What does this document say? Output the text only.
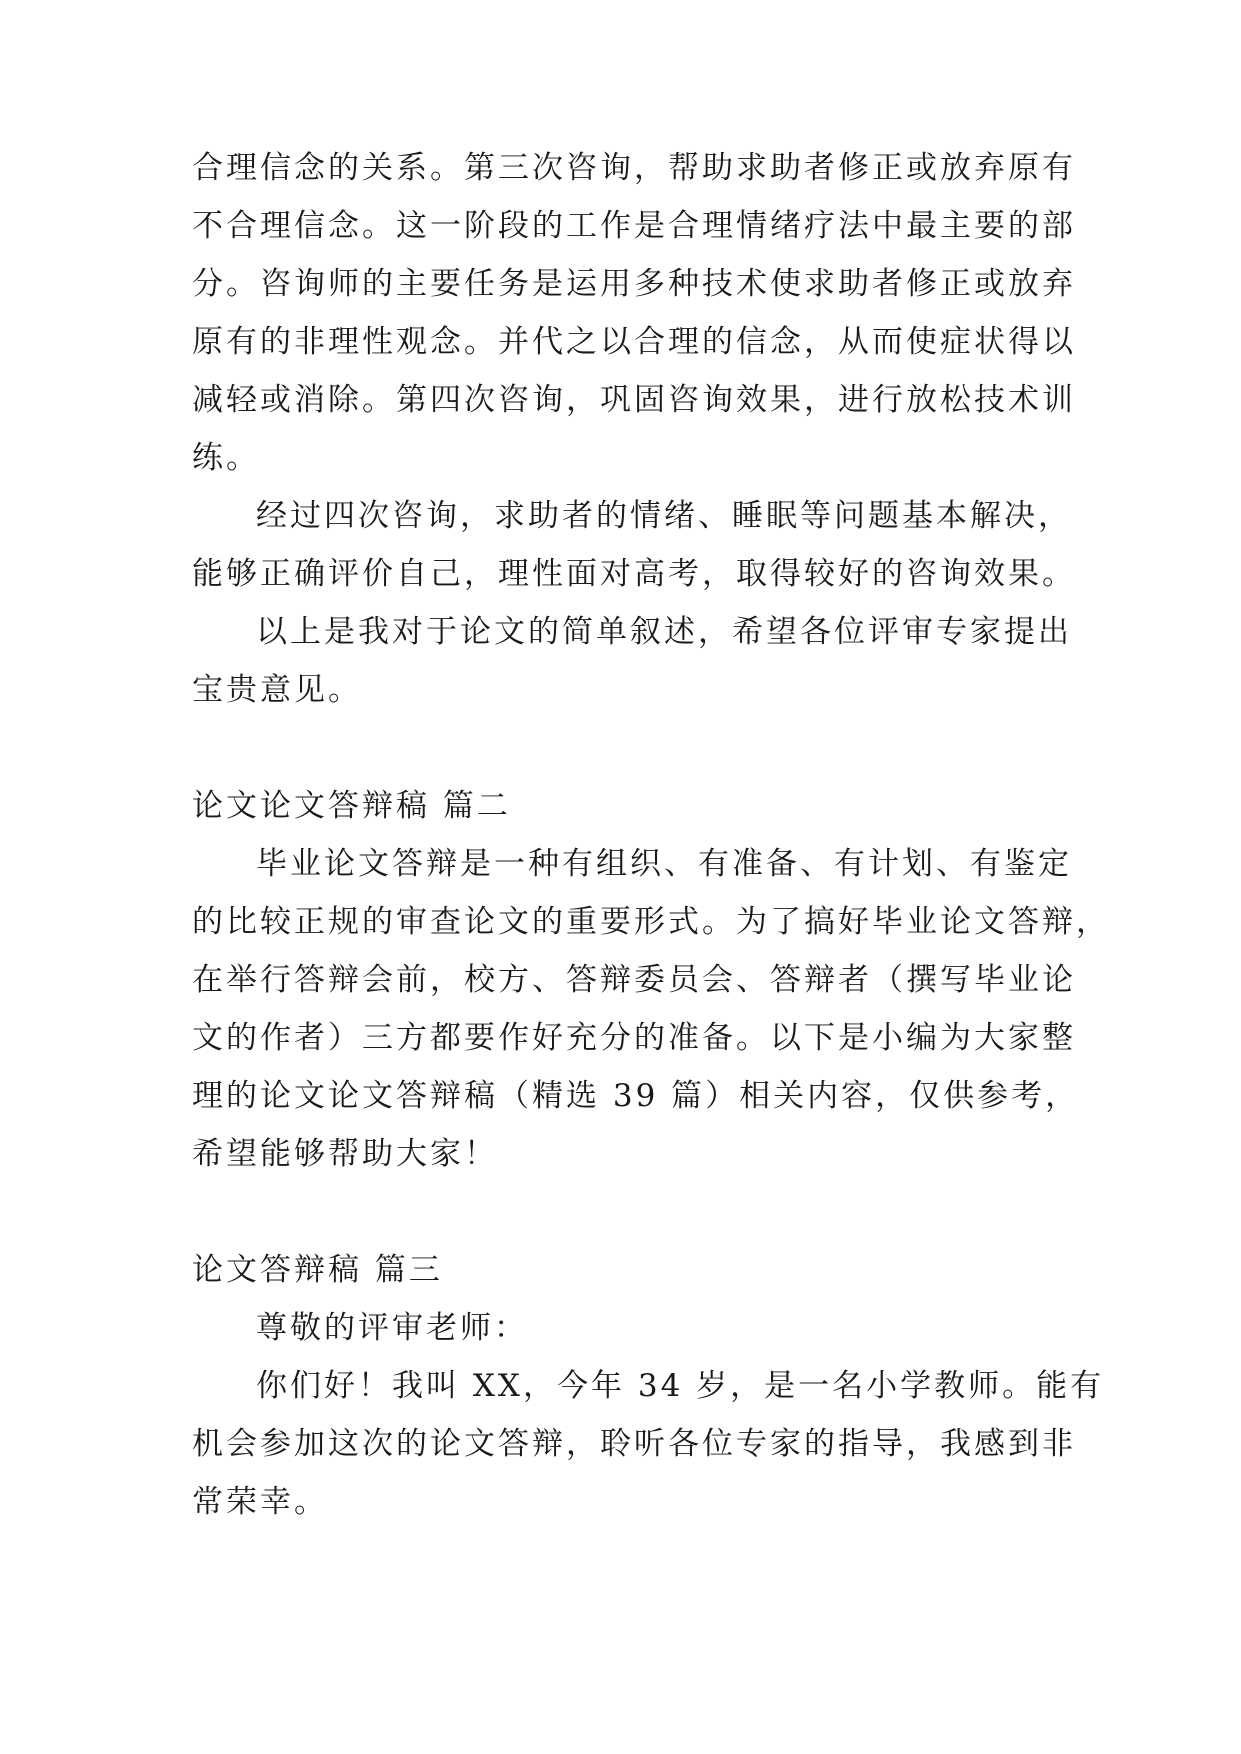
合理信念的关系。第三次咨询，帮助求助者修正或放弃原有
不合理信念。这一阶段的工作是合理情绪疗法中最主要的部
分。咨询师的主要任务是运用多种技术使求助者修正或放弃
原有的非理性观念。并代之以合理的信念，从而使症状得以
减轻或消除。第四次咨询，巩固咨询效果，进行放松技术训
练。
经过四次咨询，求助者的情绪、睡眠等问题基本解决，
能够正确评价自己，理性面对高考，取得较好的咨询效果。
以上是我对于论文的简单叙述，希望各位评审专家提出
宝贵意见。
论文论文答辩稿 篇二
毕业论文答辩是一种有组织、有准备、有计划、有鉴定
的比较正规的审查论文的重要形式。为了搞好毕业论文答辩，
在举行答辩会前，校方、答辩委员会、答辩者（撰写毕业论
文的作者）三方都要作好充分的准备。以下是小编为大家整
理的论文论文答辩稿（精选 39 篇）相关内容，仅供参考，
希望能够帮助大家！
论文答辩稿 篇三
尊敬的评审老师：
你们好！我叫 XX，今年 34 岁，是一名小学教师。能有
机会参加这次的论文答辩，聆听各位专家的指导，我感到非
常荣幸。
